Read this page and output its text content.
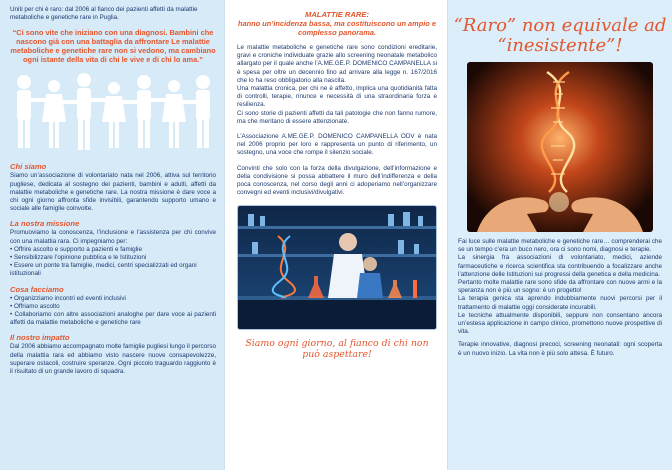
Uniti per chi è raro: dal 2006 al fianco dei pazienti affetti da malattie metaboliche e genetiche rare in Puglia.

“Ci sono vite che iniziano con una diagnosi. Bambini che nascono già con una battaglia da affrontare Le malattie metaboliche e genetiche rare non si vedono, ma cambiano ogni istante della vita di chi le vive e di chi lo ama.”

Chi siamo

Siamo un’associazione di volontariato nata nel 2006, attiva sul territorio pugliese, dedicata al sostegno dei pazienti, bambini e adulti, affetti da malattie metaboliche e genetiche rare. La nostra missione è dare voce a chi ogni giorno affronta sfide invisibili, garantendo supporto umano e sociale alle famiglie coinvolte.

La nostra missione

Promuoviamo la conoscenza, l’inclusione e l’assistenza per chi convive con una malattia rara. Ci impegniamo per:

• Offrire ascolto e supporto a pazienti e famiglie
• Sensibilizzare l’opinione pubblica e le Istituzioni
• Essere un ponte tra famiglie, medici, centri specializzati ed organi istituzionali

Cosa facciamo

• Organizziamo incontri ed eventi inclusivi
• Offriamo ascolto
• Collaboriamo con altre associazioni analoghe per dare voce ai pazienti affetti da malattie metaboliche e genetiche rare

Il nostro impatto

Dal 2006 abbiamo accompagnato molte famiglie pugliesi lungo il percorso della malattia rara ed abbiamo visto nascere nuove consapevolezze, superare ostacoli, costruire speranze. Ogni piccolo traguardo raggiunto è il risultato di un grande lavoro di squadra.

MALATTIE RARE:

hanno un’incidenza bassa, ma costituiscono un ampio e complesso panorama.

Le malattie metaboliche e genetiche rare sono condizioni ereditarie, gravi e croniche individuate grazie allo screening neonatale metabolico allargato per il quale anche l’A.ME.GE.P. DOMENICO CAMPANELLA si è spesa per oltre un decennio fino ad arrivare alla legge n. 167/2016 che lo ha reso obbligatorio alla nascita.

Una malattia cronica, per chi ne è affetto, implica una quotidianità fatta di controlli, terapie, rinunce e necessità di una straordinaria forza e resilienza.

Ci sono storie di pazienti affetti da tali patologie che non fanno rumore, ma che meritano di essere attenzionate.

L’Associazione A.ME.GE.P. DOMENICO CAMPANELLA ODV è nata nel 2006 proprio per loro e rappresenta un punto di riferimento, un sostegno, una voce che rompe il silenzio sociale.

Convinti che solo con la forza della divulgazione, dell’informazione e della condivisione si possa abbattere il muro dell’indifferenza e della poca conoscenza, nel corso degli anni ci adoperiamo nell’organizzare convegni ed eventi inclusivi/divulgativi.

Siamo ogni giorno, al fianco di chi non può aspettare!

“Raro” non equivale ad “inesistente”!

Fai luce sulle malattie metaboliche e genetiche rare… comprenderai che se un tempo c’era un buco nero, ora ci sono nomi, diagnosi e terapie.

La sinergia fra associazioni di volontariato, medici, aziende farmaceutiche e ricerca scientifica sta contribuendo a focalizzare anche l’attenzione delle Istituzioni sui progressi della genetica e della medicina.

Pertanto molte malattie rare sono sfide da affrontare con nuove armi e la speranza non è più un sogno: è un progetto!

La terapia genica sta aprendo indubbiamente nuovi percorsi per il trattamento di malattie oggi considerate incurabili.

Le tecniche attualmente disponibili, seppure non consentano ancora un’estesa applicazione in campo clinico, promettono nuove prospettive di vita.

Terapie innovative, diagnosi precoci, screening neonatali: ogni scoperta è un nuovo inizio. La vita non è più solo attesa. È futuro.
